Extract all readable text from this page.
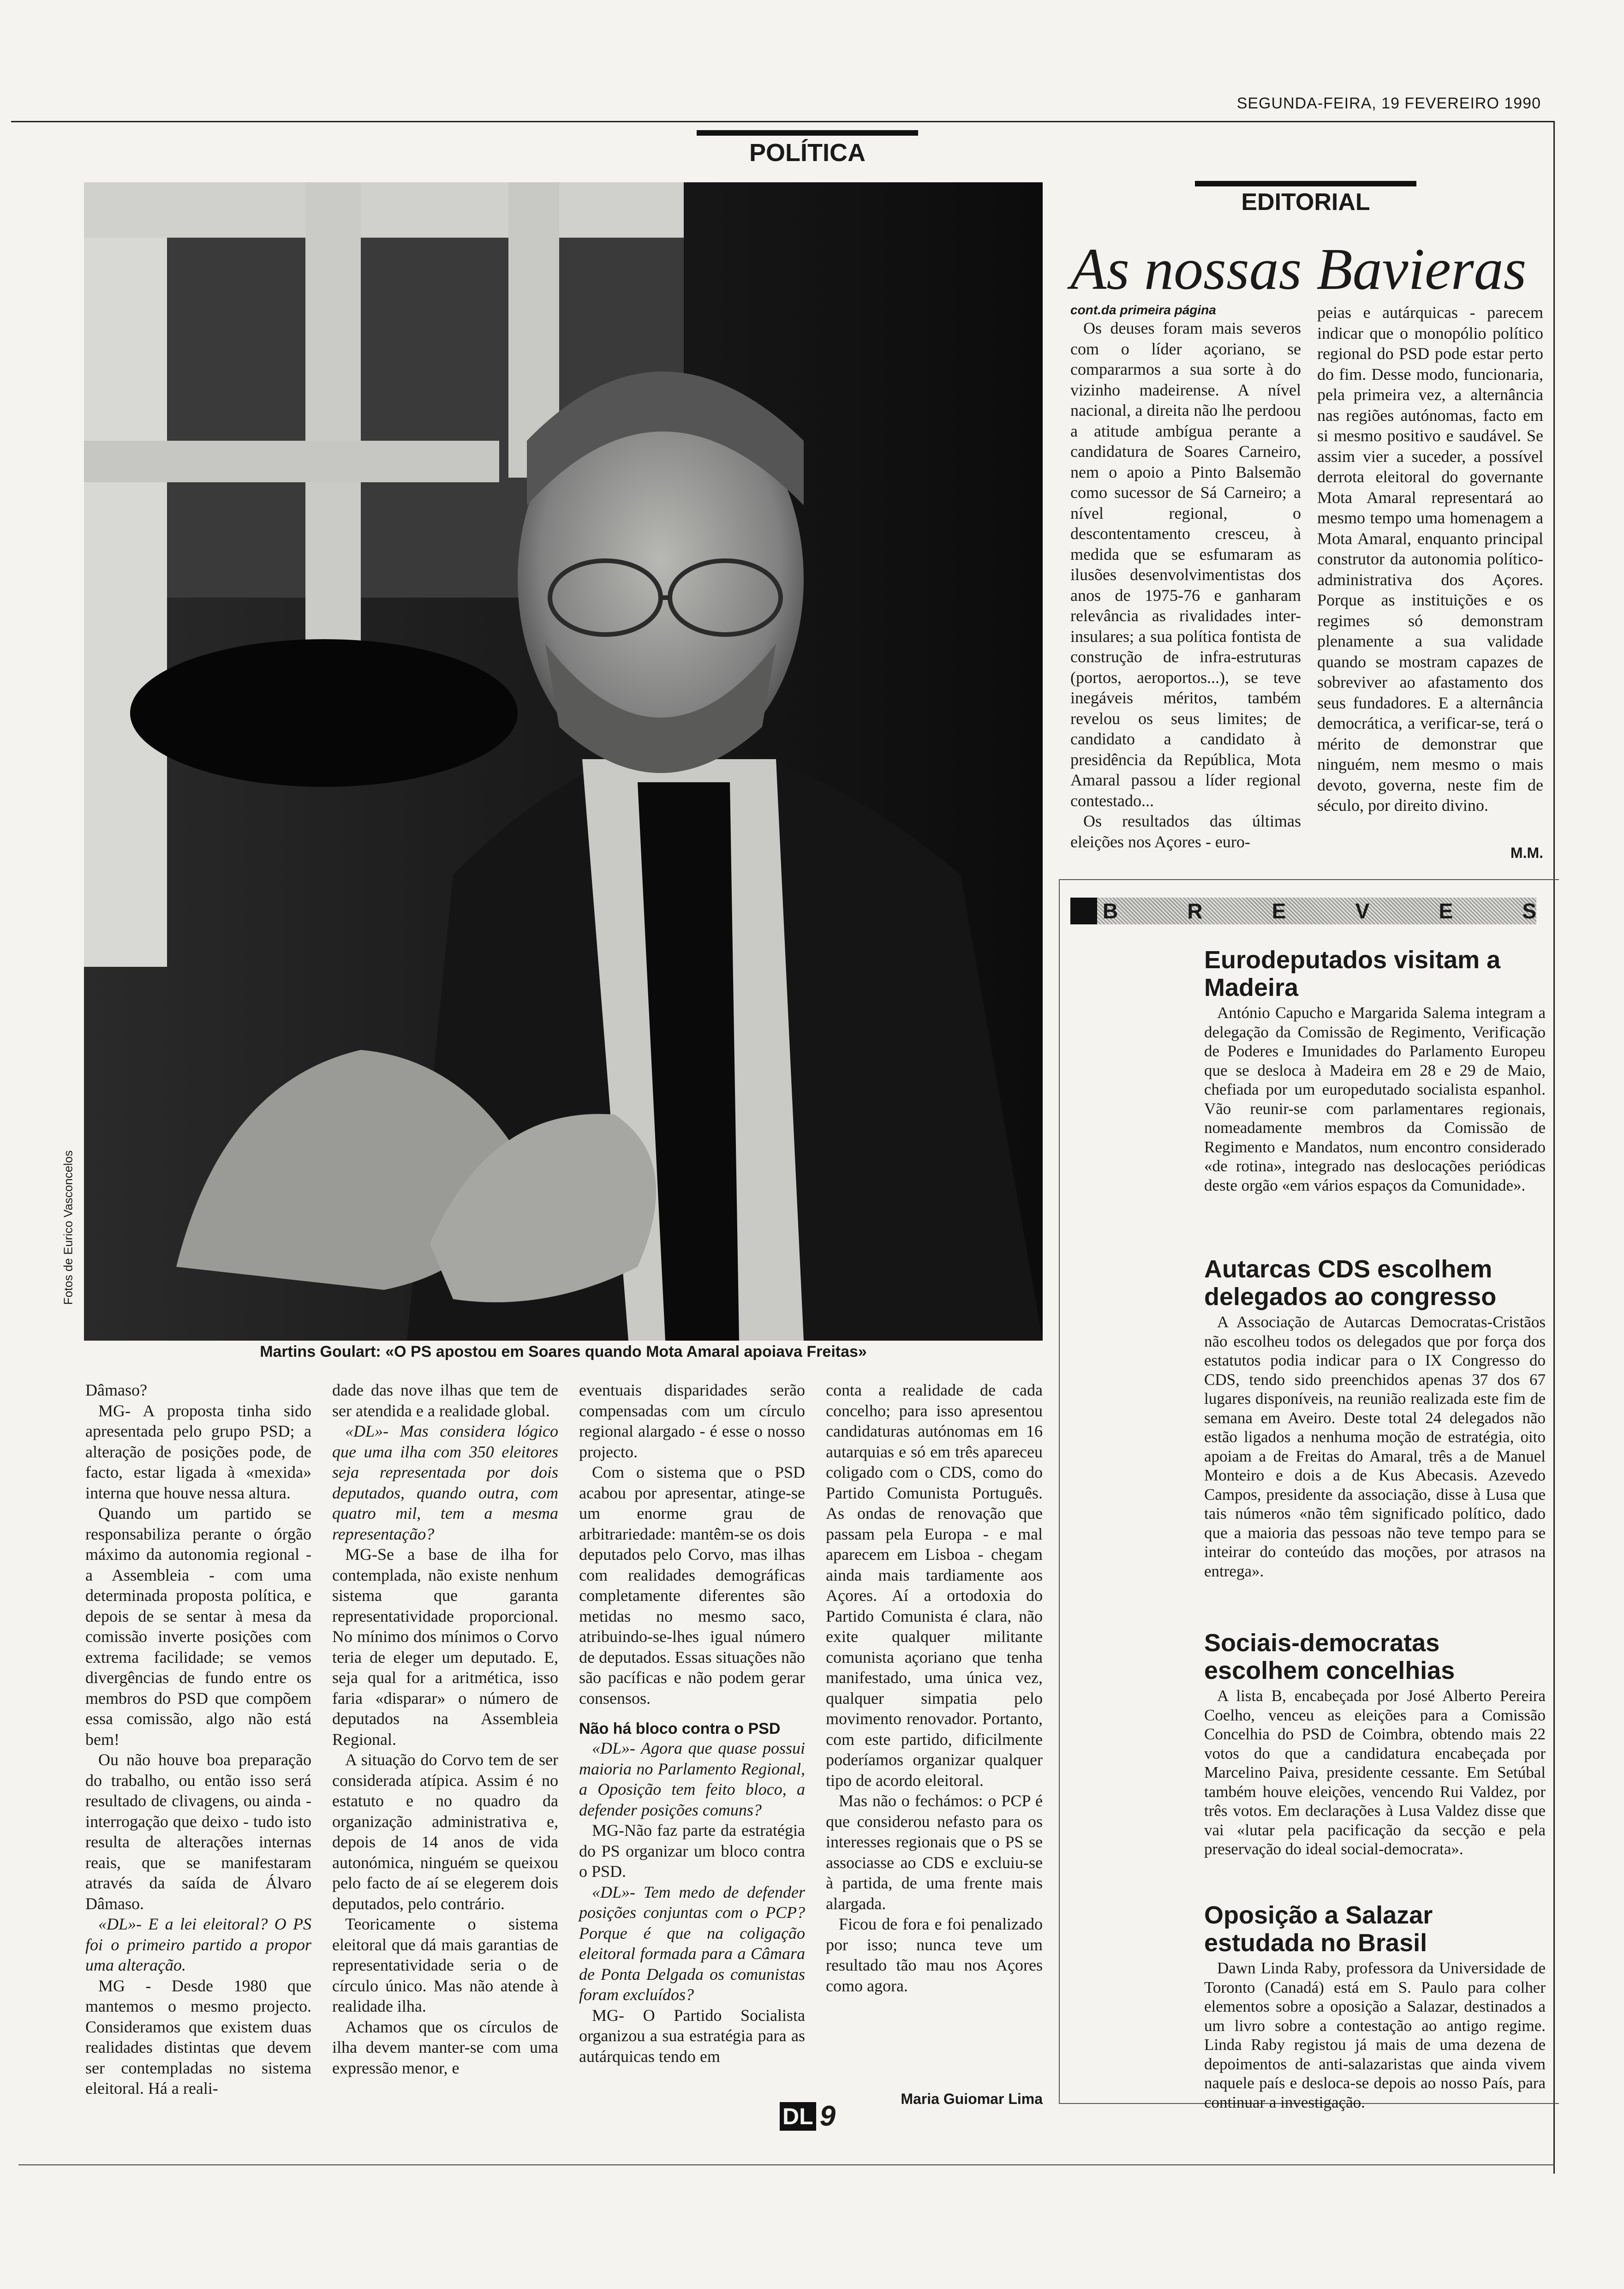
SEGUNDA-FEIRA, 19 FEVEREIRO 1990
POLÍTICA
Fotos de Eurico Vasconcelos
Martins Goulart: «O PS apostou em Soares quando Mota Amaral apoiava Freitas»

Dâmaso?

MG- A proposta tinha sido apresentada pelo grupo PSD; a alteração de posições pode, de facto, estar ligada à «mexida» interna que houve nessa altura.

Quando um partido se responsabiliza perante o órgão máximo da autonomia regional - a Assembleia - com uma determinada proposta política, e depois de se sentar à mesa da comissão inverte posições com extrema facilidade; se vemos divergências de fundo entre os membros do PSD que compõem essa comissão, algo não está bem!

Ou não houve boa preparação do trabalho, ou então isso será resultado de clivagens, ou ainda - interrogação que deixo - tudo isto resulta de alterações internas reais, que se manifestaram através da saída de Álvaro Dâmaso.

«DL»- E a lei eleitoral? O PS foi o primeiro partido a propor uma alteração.

MG - Desde 1980 que mantemos o mesmo projecto. Consideramos que existem duas realidades distintas que devem ser contempladas no sistema eleitoral. Há a reali-

dade das nove ilhas que tem de ser atendida e a realidade global.

«DL»- Mas considera lógico que uma ilha com 350 eleitores seja representada por dois deputados, quando outra, com quatro mil, tem a mesma representação?

MG-Se a base de ilha for contemplada, não existe nenhum sistema que garanta representatividade proporcional. No mínimo dos mínimos o Corvo teria de eleger um deputado. E, seja qual for a aritmética, isso faria «disparar» o número de deputados na Assembleia Regional.

A situação do Corvo tem de ser considerada atípica. Assim é no estatuto e no quadro da organização administrativa e, depois de 14 anos de vida autonómica, ninguém se queixou pelo facto de aí se elegerem dois deputados, pelo contrário.

Teoricamente o sistema eleitoral que dá mais garantias de representatividade seria o de círculo único. Mas não atende à realidade ilha.

Achamos que os círculos de ilha devem manter-se com uma expressão menor, e

eventuais disparidades serão compensadas com um círculo regional alargado - é esse o nosso projecto.

Com o sistema que o PSD acabou por apresentar, atinge-se um enorme grau de arbitrariedade: mantêm-se os dois deputados pelo Corvo, mas ilhas com realidades demográficas completamente diferentes são metidas no mesmo saco, atribuindo-se-lhes igual número de deputados. Essas situações não são pacíficas e não podem gerar consensos.

Não há bloco contra o PSD

«DL»- Agora que quase possui maioria no Parlamento Regional, a Oposição tem feito bloco, a defender posições comuns?

MG-Não faz parte da estratégia do PS organizar um bloco contra o PSD.

«DL»- Tem medo de defender posições conjuntas com o PCP? Porque é que na coligação eleitoral formada para a Câmara de Ponta Delgada os comunistas foram excluídos?

MG- O Partido Socialista organizou a sua estratégia para as autárquicas tendo em

conta a realidade de cada concelho; para isso apresentou candidaturas autónomas em 16 autarquias e só em três apareceu coligado com o CDS, como do Partido Comunista Português. As ondas de renovação que passam pela Europa - e mal aparecem em Lisboa - chegam ainda mais tardiamente aos Açores. Aí a ortodoxia do Partido Comunista é clara, não exite qualquer militante comunista açoriano que tenha manifestado, uma única vez, qualquer simpatia pelo movimento renovador. Portanto, com este partido, dificilmente poderíamos organizar qualquer tipo de acordo eleitoral.

Mas não o fechámos: o PCP é que considerou nefasto para os interesses regionais que o PS se associasse ao CDS e excluiu-se à partida, de uma frente mais alargada.

Ficou de fora e foi penalizado por isso; nunca teve um resultado tão mau nos Açores como agora.

Maria Guiomar Lima
EDITORIAL
As nossas Bavieras
cont.da primeira página

Os deuses foram mais severos com o líder açoriano, se compararmos a sua sorte à do vizinho madeirense. A nível nacional, a direita não lhe perdoou a atitude ambígua perante a candidatura de Soares Carneiro, nem o apoio a Pinto Balsemão como sucessor de Sá Carneiro; a nível regional, o descontentamento cresceu, à medida que se esfumaram as ilusões desenvolvimentistas dos anos de 1975-76 e ganharam relevância as rivalidades inter-insulares; a sua política fontista de construção de infra-estruturas (portos, aeroportos...), se teve inegáveis méritos, também revelou os seus limites; de candidato a candidato à presidência da República, Mota Amaral passou a líder regional contestado...

Os resultados das últimas eleições nos Açores - euro-

peias e autárquicas - parecem indicar que o monopólio político regional do PSD pode estar perto do fim. Desse modo, funcionaria, pela primeira vez, a alternância nas regiões autónomas, facto em si mesmo positivo e saudável. Se assim vier a suceder, a possível derrota eleitoral do governante Mota Amaral representará ao mesmo tempo uma homenagem a Mota Amaral, enquanto principal construtor da autonomia político-administrativa dos Açores. Porque as instituições e os regimes só demonstram plenamente a sua validade quando se mostram capazes de sobreviver ao afastamento dos seus fundadores. E a alternância democrática, a verificar-se, terá o mérito de demonstrar que ninguém, nem mesmo o mais devoto, governa, neste fim de século, por direito divino.

M.M.
B	R	E	V	E	S
Eurodeputados visitam a Madeira

António Capucho e Margarida Salema integram a delegação da Comissão de Regimento, Verificação de Poderes e Imunidades do Parlamento Europeu que se desloca à Madeira em 28 e 29 de Maio, chefiada por um europedutado socialista espanhol. Vão reunir-se com parlamentares regionais, nomeadamente membros da Comissão de Regimento e Mandatos, num encontro considerado «de rotina», integrado nas deslocações periódicas deste orgão «em vários espaços da Comunidade».

Autarcas CDS escolhem delegados ao congresso

A Associação de Autarcas Democratas-Cristãos não escolheu todos os delegados que por força dos estatutos podia indicar para o IX Congresso do CDS, tendo sido preenchidos apenas 37 dos 67 lugares disponíveis, na reunião realizada este fim de semana em Aveiro. Deste total 24 delegados não estão ligados a nenhuma moção de estratégia, oito apoiam a de Freitas do Amaral, três a de Manuel Monteiro e dois a de Kus Abecasis. Azevedo Campos, presidente da associação, disse à Lusa que tais números «não têm significado político, dado que a maioria das pessoas não teve tempo para se inteirar do conteúdo das moções, por atrasos na entrega».

Sociais-democratas escolhem concelhias

A lista B, encabeçada por José Alberto Pereira Coelho, venceu as eleições para a Comissão Concelhia do PSD de Coimbra, obtendo mais 22 votos do que a candidatura encabeçada por Marcelino Paiva, presidente cessante. Em Setúbal também houve eleições, vencendo Rui Valdez, por três votos. Em declarações à Lusa Valdez disse que vai «lutar pela pacificação da secção e pela preservação do ideal social-democrata».

Oposição a Salazar estudada no Brasil

Dawn Linda Raby, professora da Universidade de Toronto (Canadá) está em S. Paulo para colher elementos sobre a oposição a Salazar, destinados a um livro sobre a contestação ao antigo regime. Linda Raby registou já mais de uma dezena de depoimentos de anti-salazaristas que ainda vivem naquele país e desloca-se depois ao nosso País, para continuar a investigação.

DL 9
